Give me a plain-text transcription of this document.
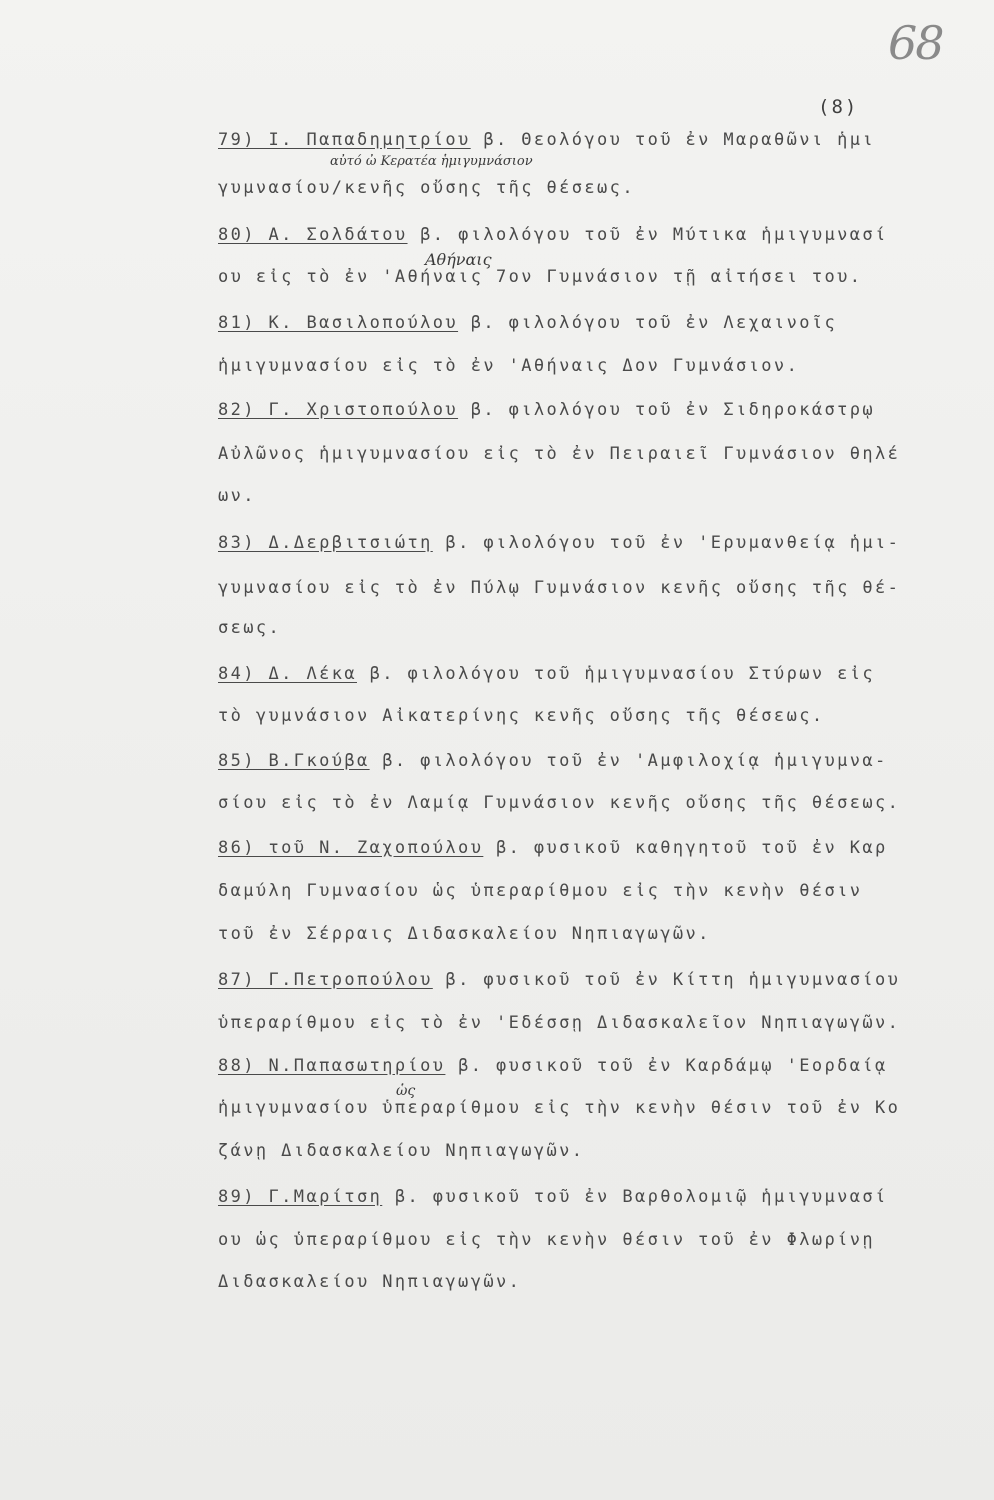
68
(8)
αὐτό ὠ Κερατέα ἡμιγυμνάσιον
Αθήναις
ὡς
79) Ι. Παπαδημητρίου β. Θεολόγου τοῦ ἐν Μαραθῶνι ἡμι
γυμνασίου/κενῆς οὔσης τῆς θέσεως.
80) Α. Σολδάτου β. φιλολόγου τοῦ ἐν Μύτικα ἡμιγυμνασί
ου εἰς τὸ ἐν 'Αθήναις 7ον Γυμνάσιον τῇ αἰτήσει του.
81) Κ. Βασιλοπούλου β. φιλολόγου τοῦ ἐν Λεχαινοῖς
ἡμιγυμνασίου εἰς τὸ ἐν 'Αθήναις Δον Γυμνάσιον.
82) Γ. Χριστοπούλου β. φιλολόγου τοῦ ἐν Σιδηροκάστρῳ
Αὐλῶνος ἡμιγυμνασίου εἰς τὸ ἐν Πειραιεῖ Γυμνάσιον θηλέ
ων.
83) Δ.Δερβιτσιώτη β. φιλολόγου τοῦ ἐν 'Ερυμανθείᾳ ἡμι-
γυμνασίου εἰς τὸ ἐν Πύλῳ Γυμνάσιον κενῆς οὔσης τῆς θέ-
σεως.
84) Δ. Λέκα β. φιλολόγου τοῦ ἡμιγυμνασίου Στύρων εἰς
τὸ γυμνάσιον Αἰκατερίνης κενῆς οὔσης τῆς θέσεως.
85) Β.Γκούβα β. φιλολόγου τοῦ ἐν 'Αμφιλοχίᾳ ἡμιγυμνα-
σίου εἰς τὸ ἐν Λαμίᾳ Γυμνάσιον κενῆς οὔσης τῆς θέσεως.
86) τοῦ Ν. Ζαχοπούλου β. φυσικοῦ καθηγητοῦ τοῦ ἐν Καρ
δαμύλη Γυμνασίου ὡς ὑπεραρίθμου εἰς τὴν κενὴν θέσιν
τοῦ ἐν Σέρραις Διδασκαλείου Νηπιαγωγῶν.
87) Γ.Πετροπούλου β. φυσικοῦ τοῦ ἐν Κίττη ἡμιγυμνασίου
ὑπεραρίθμου εἰς τὸ ἐν 'Εδέσσῃ Διδασκαλεῖον Νηπιαγωγῶν.
88) Ν.Παπασωτηρίου β. φυσικοῦ τοῦ ἐν Καρδάμῳ 'Εορδαίᾳ
ἡμιγυμνασίου ὑπεραρίθμου εἰς τὴν κενὴν θέσιν τοῦ ἐν Κο
ζάνῃ Διδασκαλείου Νηπιαγωγῶν.
89) Γ.Μαρίτση β. φυσικοῦ τοῦ ἐν Βαρθολομιῷ ἡμιγυμνασί
ου ὡς ὑπεραρίθμου εἰς τὴν κενὴν θέσιν τοῦ ἐν Φλωρίνῃ
Διδασκαλείου Νηπιαγωγῶν.
